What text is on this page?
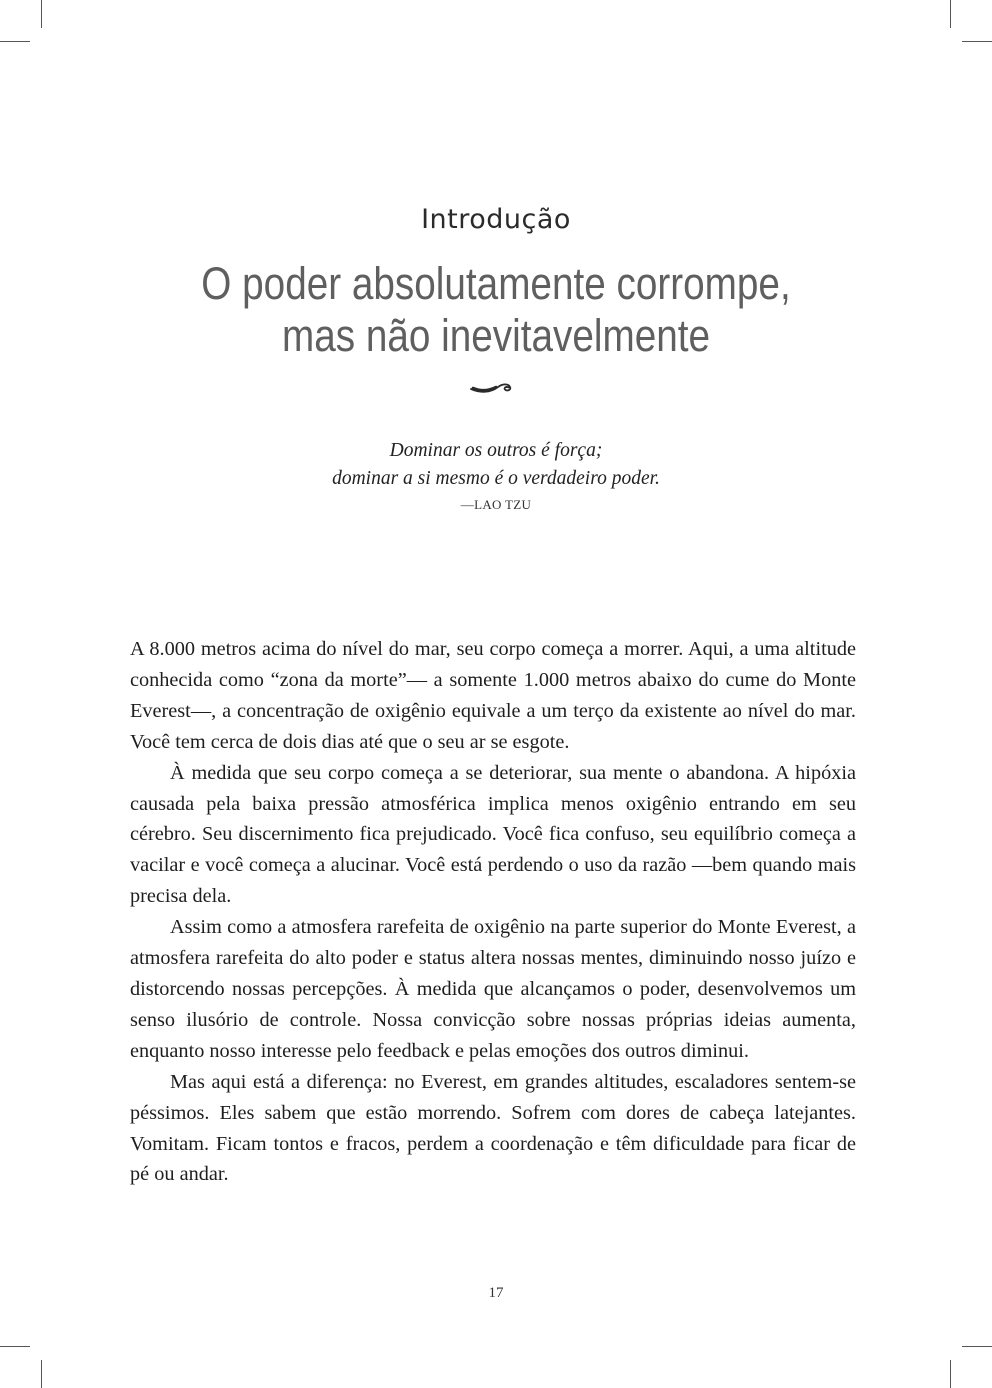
Introdução
O poder absolutamente corrompe,
mas não inevitavelmente
Dominar os outros é força;
dominar a si mesmo é o verdadeiro poder.
—LAO TZU

A 8.000 metros acima do nível do mar, seu corpo começa a morrer. Aqui, a uma altitude conhecida como “zona da morte”— a somente 1.000 metros abaixo do cume do Monte Everest—, a concentração de oxigênio equivale a um terço da existente ao nível do mar. Você tem cerca de dois dias até que o seu ar se esgote.

À medida que seu corpo começa a se deteriorar, sua mente o abandona. A hipóxia causada pela baixa pressão atmosférica implica menos oxigênio entrando em seu cérebro. Seu discernimento fica prejudicado. Você fica confuso, seu equilíbrio começa a vacilar e você começa a alucinar. Você está perdendo o uso da razão —bem quando mais precisa dela.

Assim como a atmosfera rarefeita de oxigênio na parte superior do Monte Everest, a atmosfera rarefeita do alto poder e status altera nossas mentes, diminuindo nosso juízo e distorcendo nossas percepções. À medida que alcançamos o poder, desenvolvemos um senso ilusório de controle. Nossa convicção sobre nossas próprias ideias aumenta, enquanto nosso interesse pelo feedback e pelas emoções dos outros diminui.

Mas aqui está a diferença: no Everest, em grandes altitudes, escaladores sentem-se péssimos. Eles sabem que estão morrendo. Sofrem com dores de cabeça latejantes. Vomitam. Ficam tontos e fracos, perdem a coordenação e têm dificuldade para ficar de pé ou andar.

17
